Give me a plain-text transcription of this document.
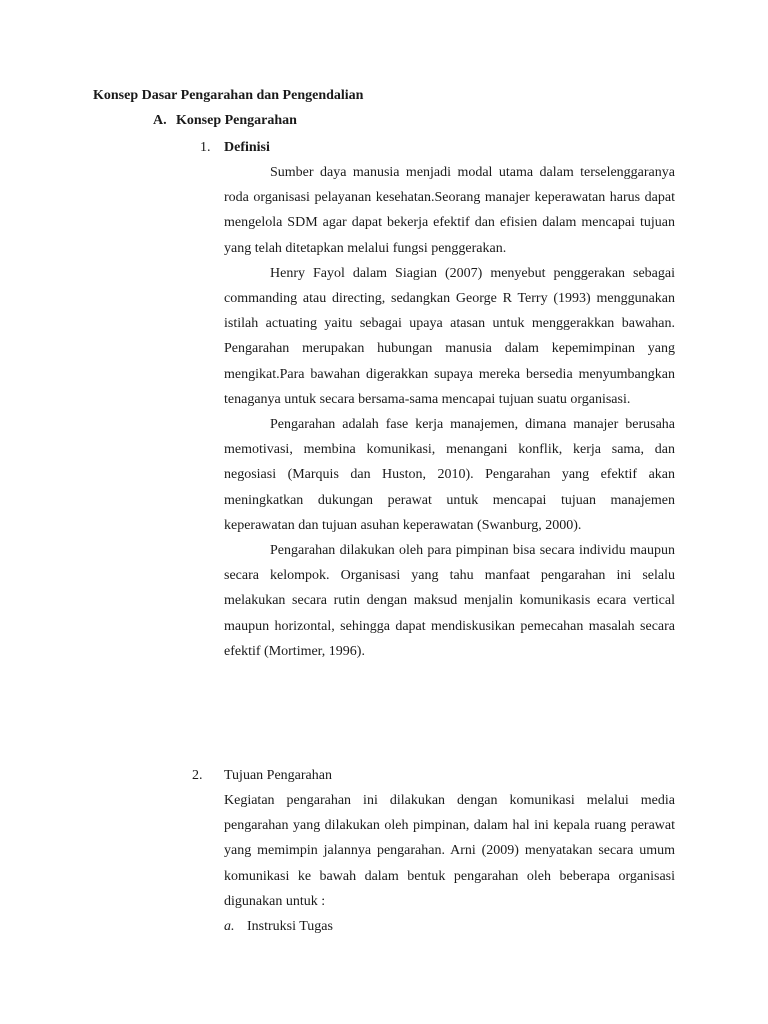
Konsep Dasar Pengarahan dan Pengendalian
A. Konsep Pengarahan
1. Definisi

Sumber daya manusia menjadi modal utama dalam terselenggaranya roda organisasi pelayanan kesehatan.Seorang manajer keperawatan harus dapat mengelola SDM agar dapat bekerja efektif dan efisien dalam mencapai tujuan yang telah ditetapkan melalui fungsi penggerakan.

Henry Fayol dalam Siagian (2007) menyebut penggerakan sebagai commanding atau directing, sedangkan George R Terry (1993) menggunakan istilah actuating yaitu sebagai upaya atasan untuk menggerakkan bawahan. Pengarahan merupakan hubungan manusia dalam kepemimpinan yang mengikat.Para bawahan digerakkan supaya mereka bersedia menyumbangkan tenaganya untuk secara bersama-sama mencapai tujuan suatu organisasi.

Pengarahan adalah fase kerja manajemen, dimana manajer berusaha memotivasi, membina komunikasi, menangani konflik, kerja sama, dan negosiasi (Marquis dan Huston, 2010). Pengarahan yang efektif akan meningkatkan dukungan perawat untuk mencapai tujuan manajemen keperawatan dan tujuan asuhan keperawatan (Swanburg, 2000).

Pengarahan dilakukan oleh para pimpinan bisa secara individu maupun secara kelompok. Organisasi yang tahu manfaat pengarahan ini selalu melakukan secara rutin dengan maksud menjalin komunikasis ecara vertical maupun horizontal, sehingga dapat mendiskusikan pemecahan masalah secara efektif (Mortimer, 1996).

2. Tujuan Pengarahan

Kegiatan pengarahan ini dilakukan dengan komunikasi melalui media pengarahan yang dilakukan oleh pimpinan, dalam hal ini kepala ruang perawat yang memimpin jalannya pengarahan. Arni (2009) menyatakan secara umum komunikasi ke bawah dalam bentuk pengarahan oleh beberapa organisasi digunakan untuk :

a. Instruksi Tugas
